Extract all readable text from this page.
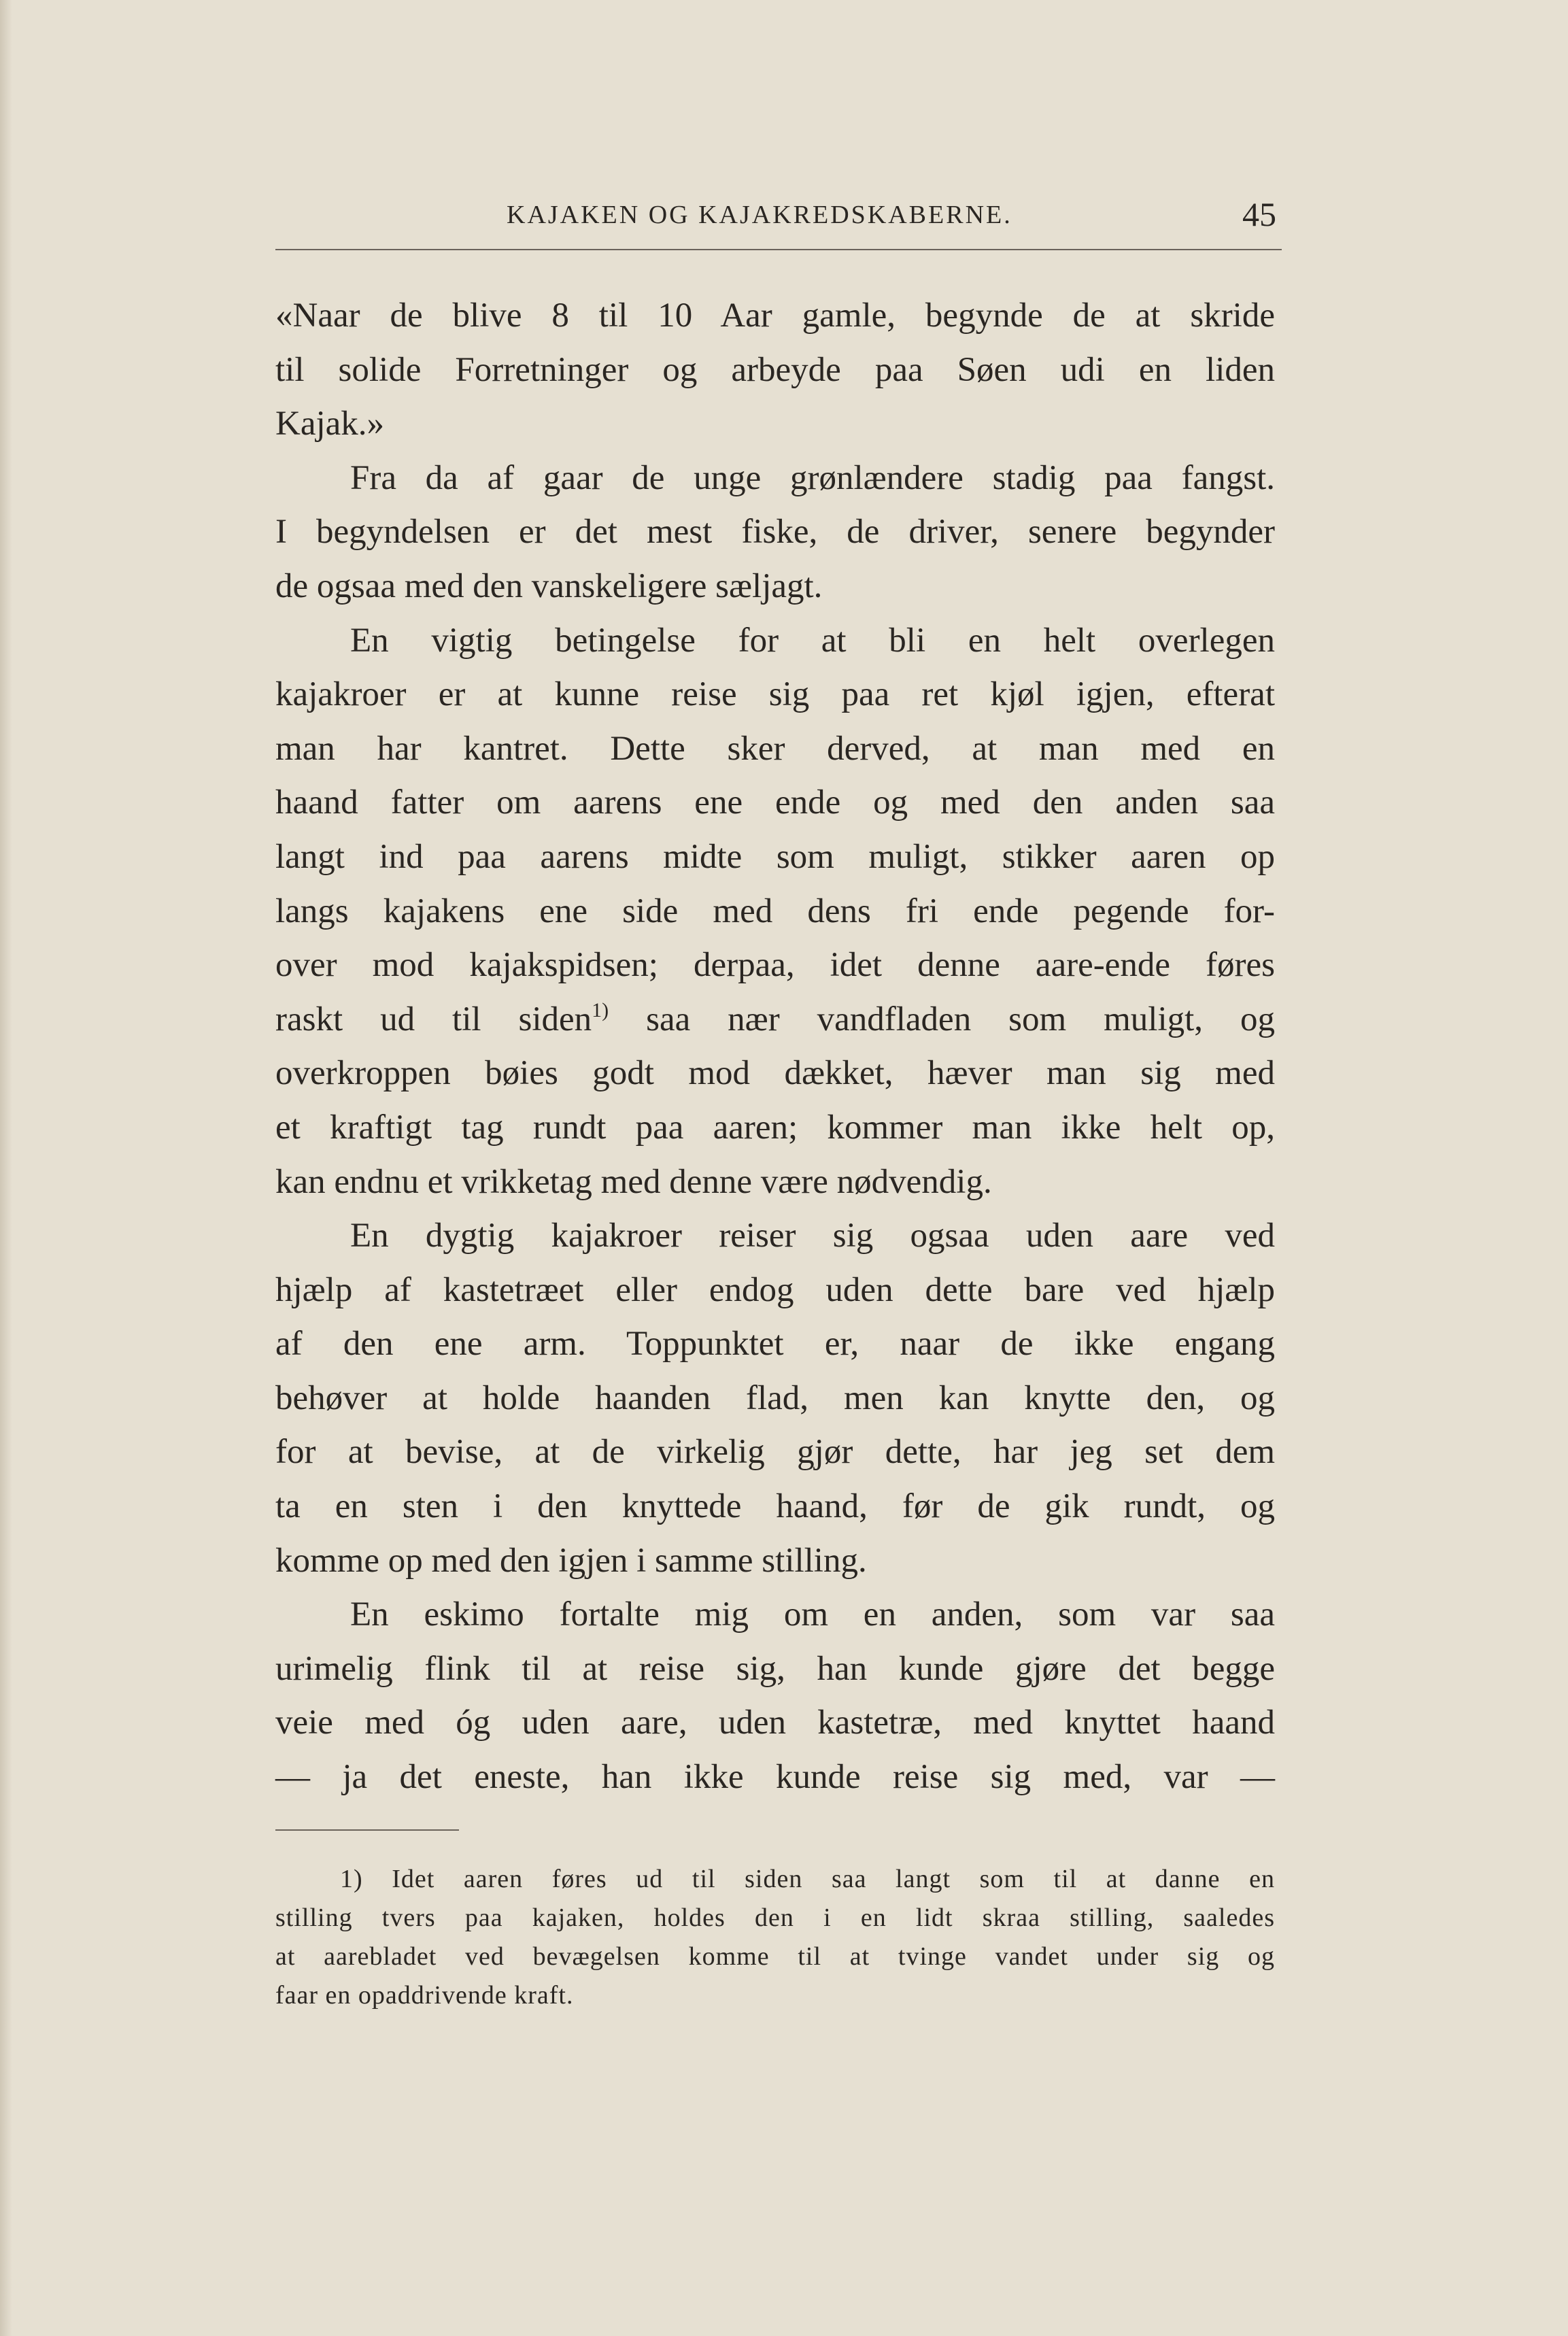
KAJAKEN OG KAJAKREDSKABERNE.	45
«Naar de blive 8 til 10 Aar gamle, begynde de at skride
til solide Forretninger og arbeyde paa Søen udi en liden
Kajak.»
Fra da af gaar de unge grønlændere stadig paa fangst.
I begyndelsen er det mest fiske, de driver, senere begynder
de ogsaa med den vanskeligere sæljagt.
En vigtig betingelse for at bli en helt overlegen
kajakroer er at kunne reise sig paa ret kjøl igjen, efterat
man har kantret. Dette sker derved, at man med en
haand fatter om aarens ene ende og med den anden saa
langt ind paa aarens midte som muligt, stikker aaren op
langs kajakens ene side med dens fri ende pegende for-
over mod kajakspidsen; derpaa, idet denne aare-ende føres
raskt ud til siden$^{1)}$ saa nær vandfladen som muligt, og
overkroppen bøies godt mod dækket, hæver man sig med
et kraftigt tag rundt paa aaren; kommer man ikke helt op,
kan endnu et vrikketag med denne være nødvendig.
En dygtig kajakroer reiser sig ogsaa uden aare ved
hjælp af kastetræet eller endog uden dette bare ved hjælp
af den ene arm. Toppunktet er, naar de ikke engang
behøver at holde haanden flad, men kan knytte den, og
for at bevise, at de virkelig gjør dette, har jeg set dem
ta en sten i den knyttede haand, før de gik rundt, og
komme op med den igjen i samme stilling.
En eskimo fortalte mig om en anden, som var saa
urimelig flink til at reise sig, han kunde gjøre det begge
veie med óg uden aare, uden kastetræ, med knyttet haand
— ja det eneste, han ikke kunde reise sig med, var —
1) Idet aaren føres ud til siden saa langt som til at danne en
stilling tvers paa kajaken, holdes den i en lidt skraa stilling, saaledes
at aarebladet ved bevægelsen komme til at tvinge vandet under sig og
faar en opaddrivende kraft.
